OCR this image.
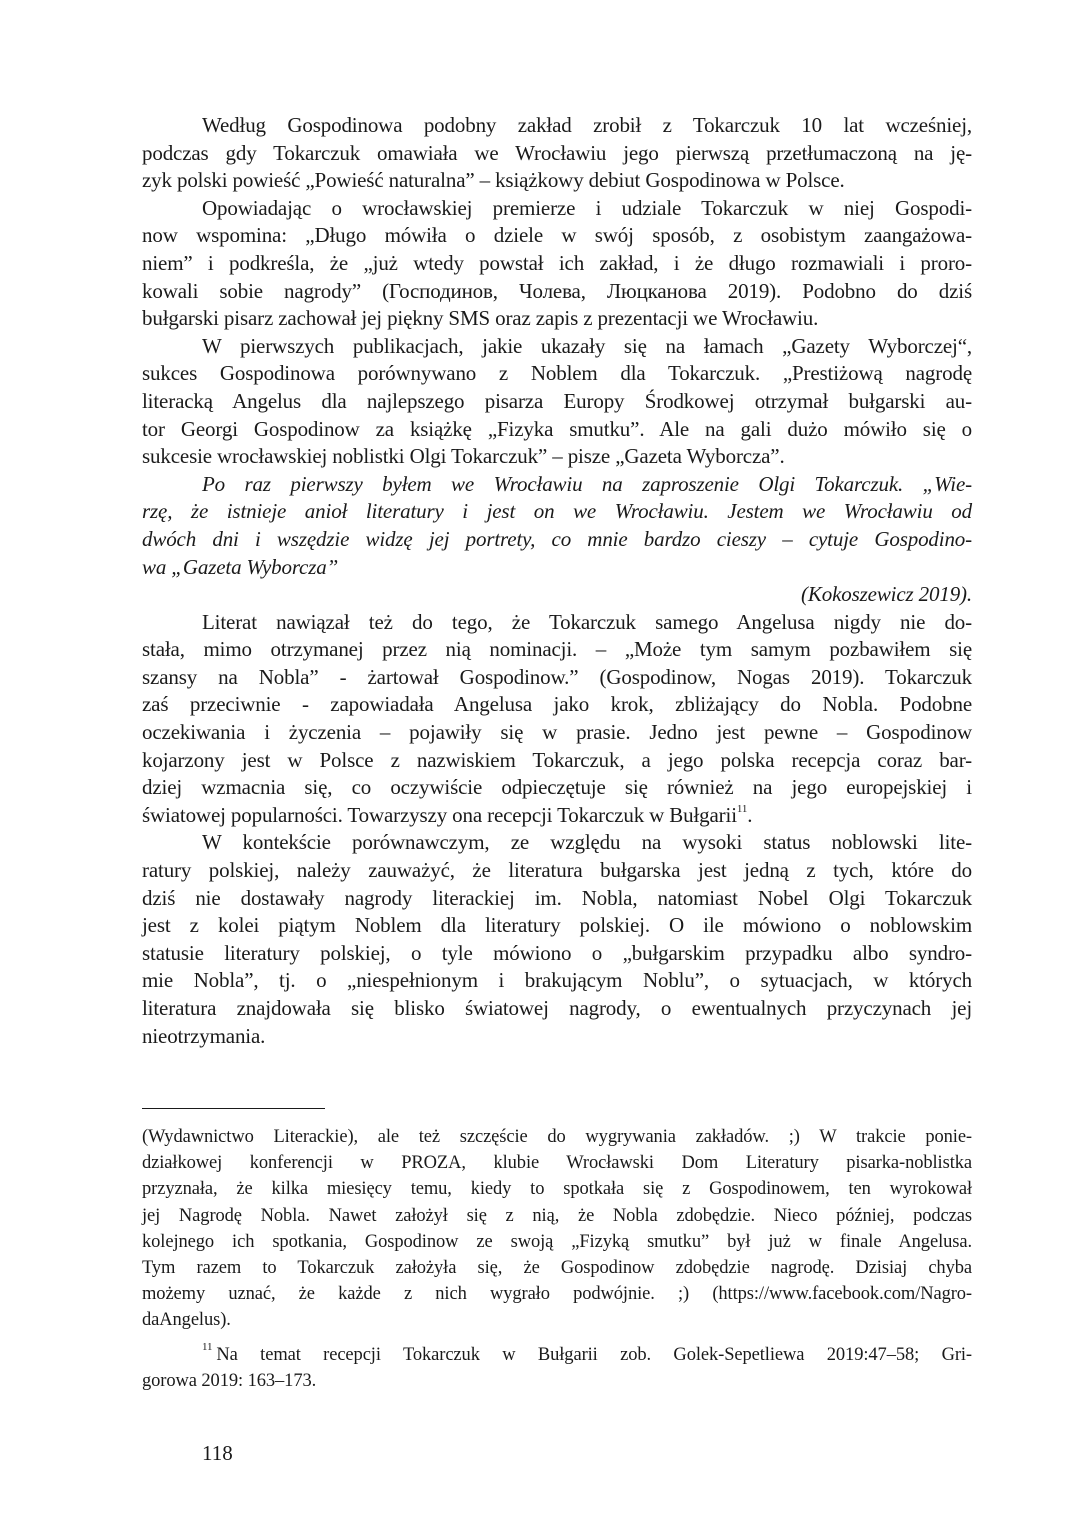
Według Gospodinowa podobny zakład zrobił z Tokarczuk 10 lat wcześniej,
podczas gdy Tokarczuk omawiała we Wrocławiu jego pierwszą przetłumaczoną na ję-
zyk polski powieść „Powieść naturalna” – książkowy debiut Gospodinowa w Polsce.
Opowiadając o wrocławskiej premierze i udziale Tokarczuk w niej Gospodi-
now wspomina: „Długo mówiła o dziele w swój sposób, z osobistym zaangażowa-
niem” i podkreśla, że „już wtedy powstał ich zakład, i że długo rozmawiali i proro-
kowali sobie nagrody” (Господинов, Чолева, Люцканова 2019). Podobno do dziś
bułgarski pisarz zachował jej piękny SMS oraz zapis z prezentacji we Wrocławiu.
W pierwszych publikacjach, jakie ukazały się na łamach „Gazety Wyborczej“,
sukces Gospodinowa porównywano z Noblem dla Tokarczuk. „Prestiżową nagrodę
literacką Angelus dla najlepszego pisarza Europy Środkowej otrzymał bułgarski au-
tor Georgi Gospodinow za książkę „Fizyka smutku”. Ale na gali dużo mówiło się o
sukcesie wrocławskiej noblistki Olgi Tokarczuk” – pisze „Gazeta Wyborcza”.
Po raz pierwszy byłem we Wrocławiu na zaproszenie Olgi Tokarczuk. „Wie-
rzę, że istnieje anioł literatury i jest on we Wrocławiu. Jestem we Wrocławiu od
dwóch dni i wszędzie widzę jej portrety, co mnie bardzo cieszy – cytuje Gospodino-
wa „Gazeta Wyborcza”
(Kokoszewicz 2019).
Literat nawiązał też do tego, że Tokarczuk samego Angelusa nigdy nie do-
stała, mimo otrzymanej przez nią nominacji. – „Może tym samym pozbawiłem się
szansy na Nobla” - żartował Gospodinow.” (Gospodinow, Nogas 2019). Tokarczuk
zaś przeciwnie - zapowiadała Angelusa jako krok, zbliżający do Nobla. Podobne
oczekiwania i życzenia – pojawiły się w prasie. Jedno jest pewne – Gospodinow
kojarzony jest w Polsce z nazwiskiem Tokarczuk, a jego polska recepcja coraz bar-
dziej wzmacnia się, co oczywiście odpieczętuje się również na jego europejskiej i
światowej popularności. Towarzyszy ona recepcji Tokarczuk w Bułgarii$^{11}$.
W kontekście porównawczym, ze względu na wysoki status noblowski lite-
ratury polskiej, należy zauważyć, że literatura bułgarska jest jedną z tych, które do
dziś nie dostawały nagrody literackiej im. Nobla, natomiast Nobel Olgi Tokarczuk
jest z kolei piątym Noblem dla literatury polskiej. O ile mówiono o noblowskim
statusie literatury polskiej, o tyle mówiono o „bułgarskim przypadku albo syndro-
mie Nobla”, tj. o „niespełnionym i brakującym Noblu”, o sytuacjach, w których
literatura znajdowała się blisko światowej nagrody, o ewentualnych przyczynach jej
nieotrzymania.
(Wydawnictwo Literackie), ale też szczęście do wygrywania zakładów. ;) W trakcie ponie-
działkowej konferencji w PROZA, klubie Wrocławski Dom Literatury pisarka-noblistka
przyznała, że kilka miesięcy temu, kiedy to spotkała się z Gospodinowem, ten wyrokował
jej Nagrodę Nobla. Nawet założył się z nią, że Nobla zdobędzie. Nieco później, podczas
kolejnego ich spotkania, Gospodinow ze swoją „Fizyką smutku” był już w finale Angelusa.
Tym razem to Tokarczuk założyła się, że Gospodinow zdobędzie nagrodę. Dzisiaj chyba
możemy uznać, że każde z nich wygrało podwójnie. ;) (https://www.facebook.com/Nagro-
daAngelus).
$^{11}$ Na temat recepcji Tokarczuk w Bułgarii zob. Golek-Sepetliewa 2019:47–58; Gri-
gorowa 2019: 163–173.
118
